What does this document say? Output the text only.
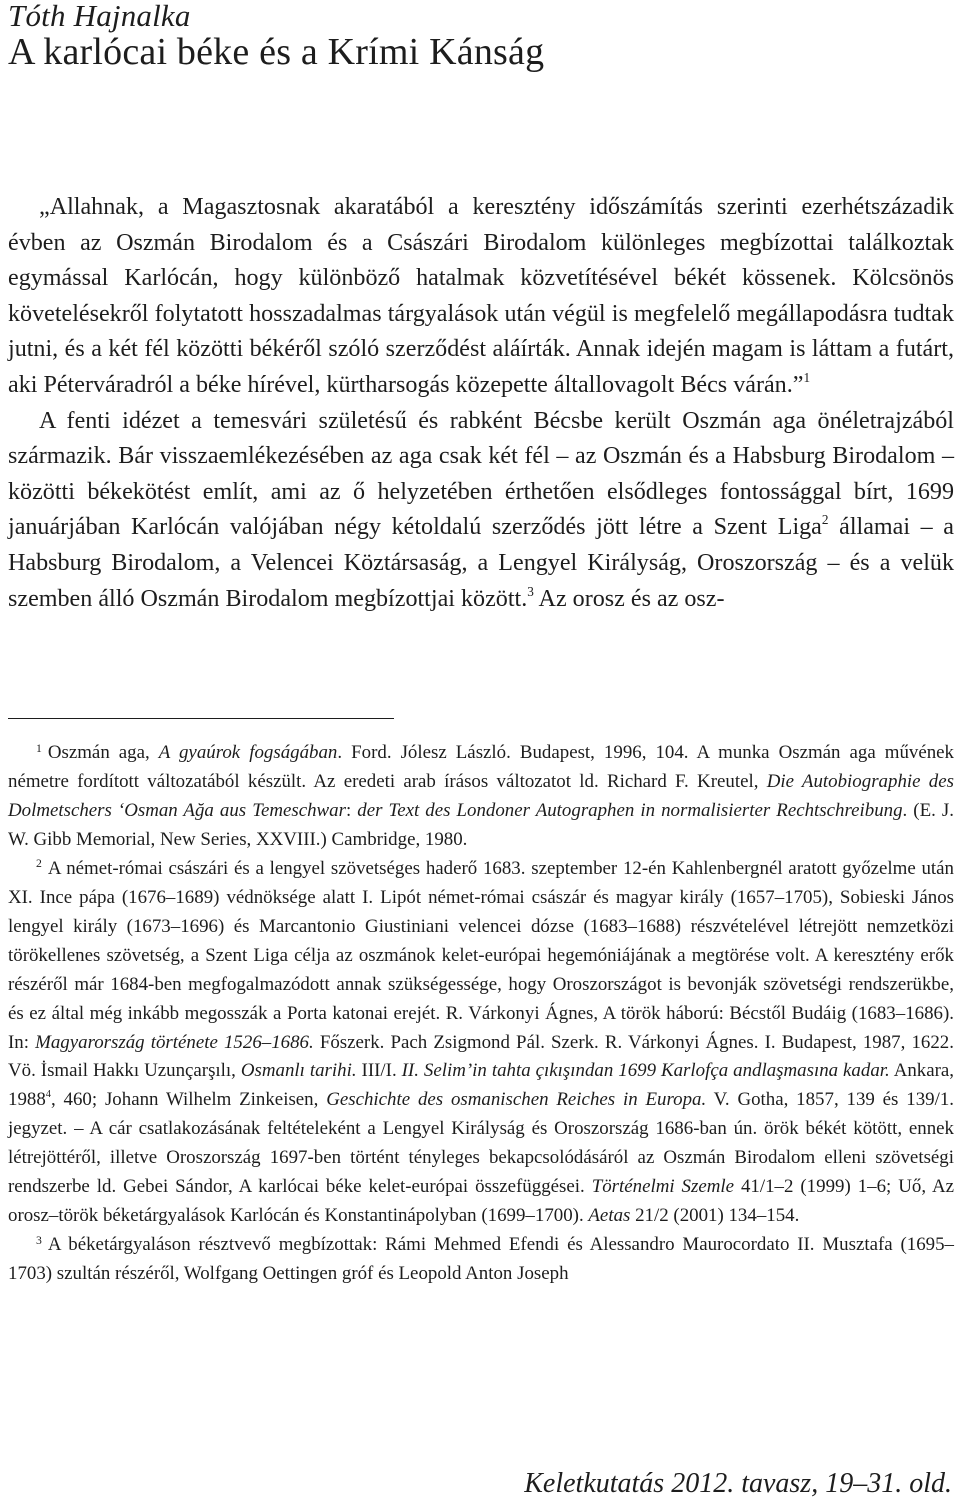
Tóth Hajnalka
A karlócai béke és a Krími Kánság

„Allahnak, a Magasztosnak akaratából a keresztény időszámítás szerinti ezerhétszázadik évben az Oszmán Birodalom és a Császári Birodalom különleges megbízottai találkoztak egymással Karlócán, hogy különböző hatalmak közvetítésével békét kössenek. Kölcsönös követelésekről folytatott hosszadalmas tárgyalások után végül is megfelelő megállapodásra tudtak jutni, és a két fél közötti békéről szóló szerződést aláírták. Annak idején magam is láttam a futárt, aki Péterváradról a béke hírével, kürtharsogás közepette általlovagolt Bécs várán.”$^1$

A fenti idézet a temesvári születésű és rabként Bécsbe került Oszmán aga önéletrajzából származik. Bár visszaemlékezésében az aga csak két fél – az Oszmán és a Habsburg Birodalom – közötti békekötést említ, ami az ő helyzetében érthetően elsődleges fontossággal bírt, 1699 januárjában Karlócán valójában négy kétoldalú szerződés jött létre a Szent Liga$^2$ államai – a Habsburg Birodalom, a Velencei Köztársaság, a Lengyel Királyság, Oroszország – és a velük szemben álló Oszmán Birodalom megbízottjai között.$^3$ Az orosz és az osz-

$^1$ Oszmán aga, A gyaúrok fogságában. Ford. Jólesz László. Budapest, 1996, 104. A munka Oszmán aga művének németre fordított változatából készült. Az eredeti arab írásos változatot ld. Richard F. Kreutel, Die Autobiographie des Dolmetschers ‘Osman Ağa aus Temeschwar: der Text des Londoner Autographen in normalisierter Rechtschreibung. (E. J. W. Gibb Memorial, New Series, XXVIII.) Cambridge, 1980.

$^2$ A német-római császári és a lengyel szövetséges haderő 1683. szeptember 12-én Kahlenbergnél aratott győzelme után XI. Ince pápa (1676–1689) védnöksége alatt I. Lipót német-római császár és magyar király (1657–1705), Sobieski János lengyel király (1673–1696) és Marcantonio Giustiniani velencei dózse (1683–1688) részvételével létrejött nemzetközi törökellenes szövetség, a Szent Liga célja az oszmánok kelet-európai hegemóniájának a megtörése volt. A keresztény erők részéről már 1684-ben megfogalmazódott annak szükségessége, hogy Oroszországot is bevonják szövetségi rendszerükbe, és ez által még inkább megosszák a Porta katonai erejét. R. Várkonyi Ágnes, A török háború: Bécstől Budáig (1683–1686). In: Magyarország története 1526–1686. Főszerk. Pach Zsigmond Pál. Szerk. R. Várkonyi Ágnes. I. Budapest, 1987, 1622. Vö. İsmail Hakkı Uzunçarşılı, Osmanlı tarihi. III/I. II. Selim’in tahta çıkışından 1699 Karlofça andlaşmasına kadar. Ankara, 1988$^4$, 460; Johann Wilhelm Zinkeisen, Geschichte des osmanischen Reiches in Europa. V. Gotha, 1857, 139 és 139/1. jegyzet. – A cár csatlakozásának feltételeként a Lengyel Királyság és Oroszország 1686-ban ún. örök békét kötött, ennek létrejöttéről, illetve Oroszország 1697-ben történt tényleges bekapcsolódásáról az Oszmán Birodalom elleni szövetségi rendszerbe ld. Gebei Sándor, A karlócai béke kelet-európai összefüggései. Történelmi Szemle 41/1–2 (1999) 1–6; Uő, Az orosz–török béketárgyalások Karlócán és Konstantinápolyban (1699–1700). Aetas 21/2 (2001) 134–154.

$^3$ A béketárgyaláson résztvevő megbízottak: Rámi Mehmed Efendi és Alessandro Maurocordato II. Musztafa (1695–1703) szultán részéről, Wolfgang Oettingen gróf és Leopold Anton Joseph

Keletkutatás 2012. tavasz, 19–31. old.
